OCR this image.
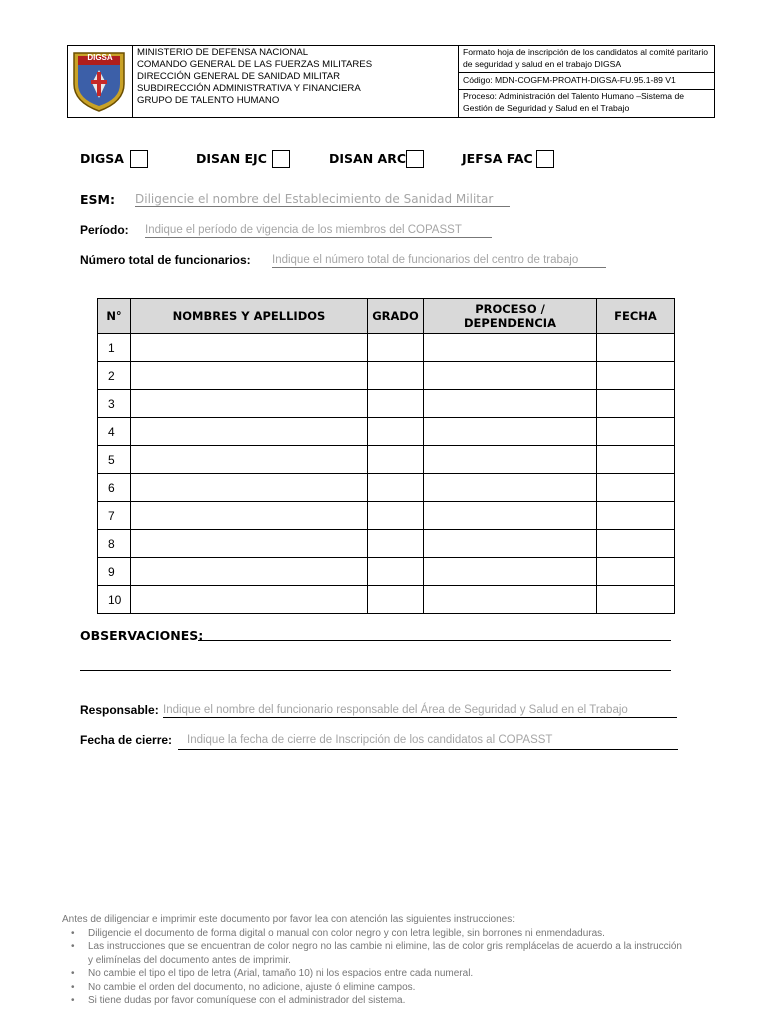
DIGSA	MINISTERIO DE DEFENSA NACIONAL
COMANDO GENERAL DE LAS FUERZAS MILITARES
DIRECCIÓN GENERAL DE SANIDAD MILITAR
SUBDIRECCIÓN ADMINISTRATIVA Y FINANCIERA
GRUPO DE TALENTO HUMANO
Formato hoja de inscripción de los candidatos al comité paritario de seguridad y salud en el trabajo DIGSA
Código: MDN-COGFM-PROATH-DIGSA-FU.95.1-89 V1
Proceso: Administración del Talento Humano –Sistema de Gestión de Seguridad y Salud en el Trabajo
DIGSA	DISAN EJC	DISAN ARC	JEFSA FAC
ESM: Diligencie el nombre del Establecimiento de Sanidad Militar
Período: Indique el período de vigencia de los miembros del COPASST
Número total de funcionarios: Indique el número total de funcionarios del centro de trabajo
N°	NOMBRES Y APELLIDOS	GRADO	PROCESO / DEPENDENCIA	FECHA
1				
2				
3				
4				
5				
6				
7				
8				
9				
10				
OBSERVACIONES:
Responsable: Indique el nombre del funcionario responsable del Área de Seguridad y Salud en el Trabajo
Fecha de cierre:	Indique la fecha de cierre de Inscripción de los candidatos al COPASST
Antes de diligenciar e imprimir este documento por favor lea con atención las siguientes instrucciones:
• Diligencie el documento de forma digital o manual con color negro y con letra legible, sin borrones ni enmendaduras.
• Las instrucciones que se encuentran de color negro no las cambie ni elimine, las de color gris remplácelas de acuerdo a la instrucción y elimínelas del documento antes de imprimir.
• No cambie el tipo el tipo de letra (Arial, tamaño 10) ni los espacios entre cada numeral.
• No cambie el orden del documento, no adicione, ajuste ó elimine campos.
• Si tiene dudas por favor comuníquese con el administrador del sistema.
